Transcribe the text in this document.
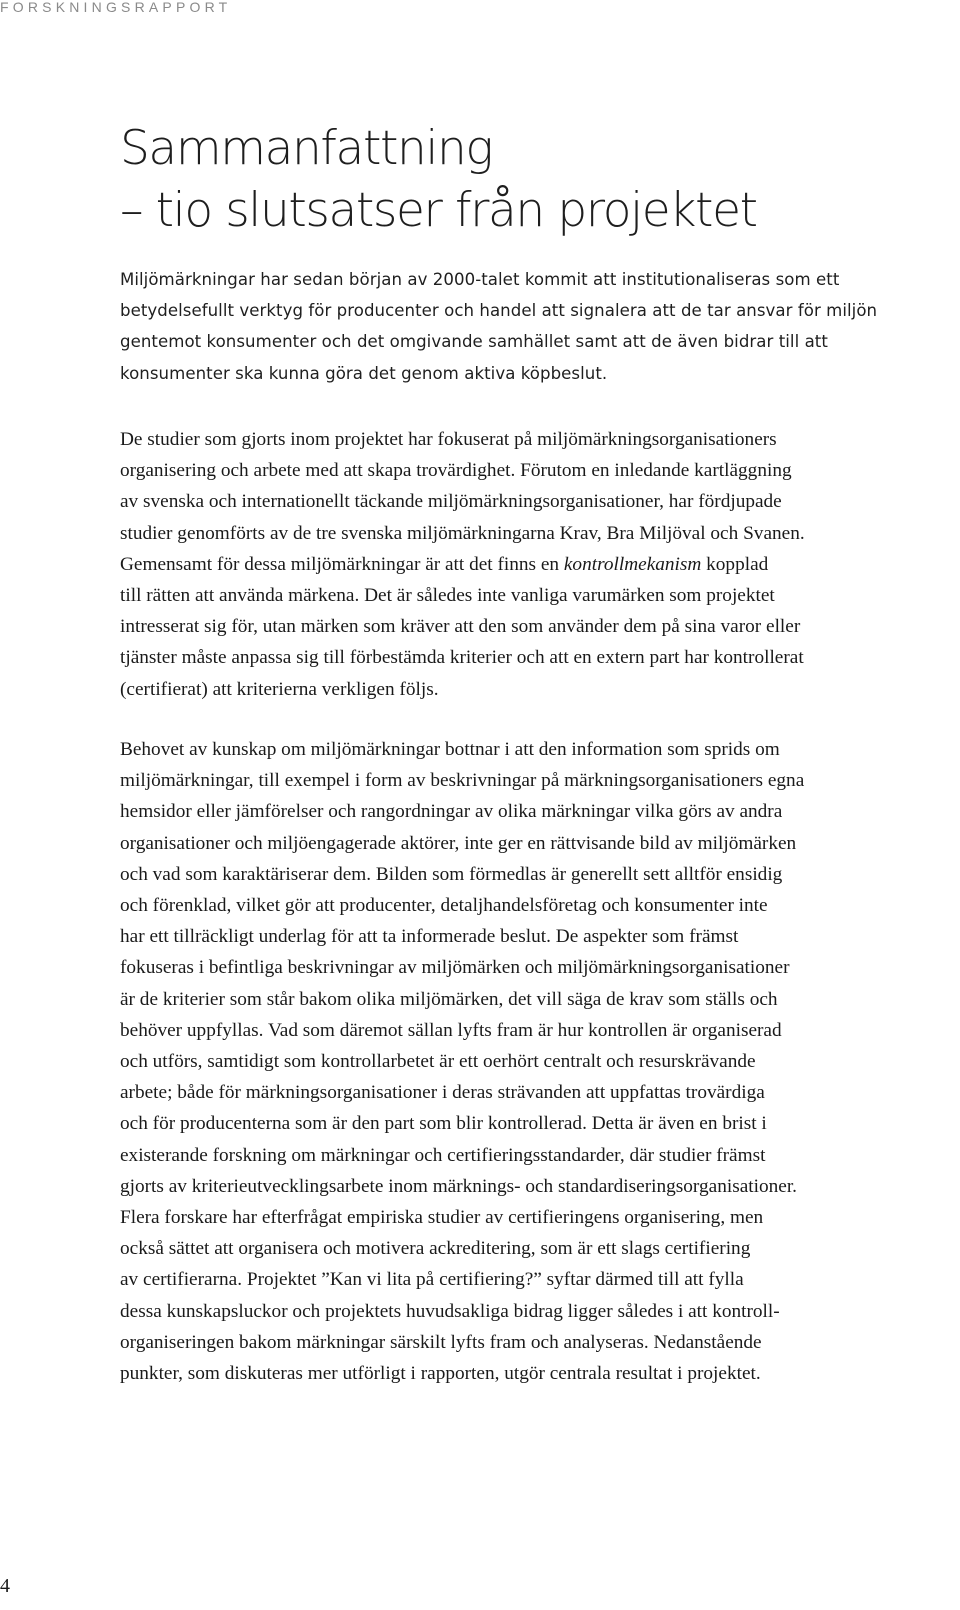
FORSKNINGSRAPPORT
Sammanfattning
– tio slutsatser från projektet

Miljömärkningar har sedan början av 2000-talet kommit att institutionaliseras som ett betydelsefullt verktyg för producenter och handel att signalera att de tar ansvar för miljön gentemot konsumenter och det omgivande samhället samt att de även bidrar till att konsumenter ska kunna göra det genom aktiva köpbeslut.

De studier som gjorts inom projektet har fokuserat på miljömärkningsorganisationers
organisering och arbete med att skapa trovärdighet. Förutom en inledande kartläggning
av svenska och internationellt täckande miljömärkningsorganisationer, har fördjupade
studier genomförts av de tre svenska miljömärkningarna Krav, Bra Miljöval och Svanen.
Gemensamt för dessa miljömärkningar är att det finns en kontrollmekanism kopplad
till rätten att använda märkena. Det är således inte vanliga varumärken som projektet
intresserat sig för, utan märken som kräver att den som använder dem på sina varor eller
tjänster måste anpassa sig till förbestämda kriterier och att en extern part har kontrollerat
(certifierat) att kriterierna verkligen följs.
Behovet av kunskap om miljömärkningar bottnar i att den information som sprids om
miljömärkningar, till exempel i form av beskrivningar på märkningsorganisationers egna
hemsidor eller jämförelser och rangordningar av olika märkningar vilka görs av andra
organisationer och miljöengagerade aktörer, inte ger en rättvisande bild av miljömärken
och vad som karaktäriserar dem. Bilden som förmedlas är generellt sett alltför ensidig
och förenklad, vilket gör att producenter, detaljhandelsföretag och konsumenter inte
har ett tillräckligt underlag för att ta informerade beslut. De aspekter som främst
fokuseras i befintliga beskrivningar av miljömärken och miljömärkningsorganisationer
är de kriterier som står bakom olika miljömärken, det vill säga de krav som ställs och
behöver uppfyllas. Vad som däremot sällan lyfts fram är hur kontrollen är organiserad
och utförs, samtidigt som kontrollarbetet är ett oerhört centralt och resurskrävande
arbete; både för märkningsorganisationer i deras strävanden att uppfattas trovärdiga
och för producenterna som är den part som blir kontrollerad. Detta är även en brist i
existerande forskning om märkningar och certifieringsstandarder, där studier främst
gjorts av kriterieutvecklingsarbete inom märknings- och standardiseringsorganisationer.
Flera forskare har efterfrågat empiriska studier av certifieringens organisering, men
också sättet att organisera och motivera ackreditering, som är ett slags certifiering
av certifierarna. Projektet ”Kan vi lita på certifiering?” syftar därmed till att fylla
dessa kunskapsluckor och projektets huvudsakliga bidrag ligger således i att kontroll-
organiseringen bakom märkningar särskilt lyfts fram och analyseras. Nedanstående
punkter, som diskuteras mer utförligt i rapporten, utgör centrala resultat i projektet.
4
